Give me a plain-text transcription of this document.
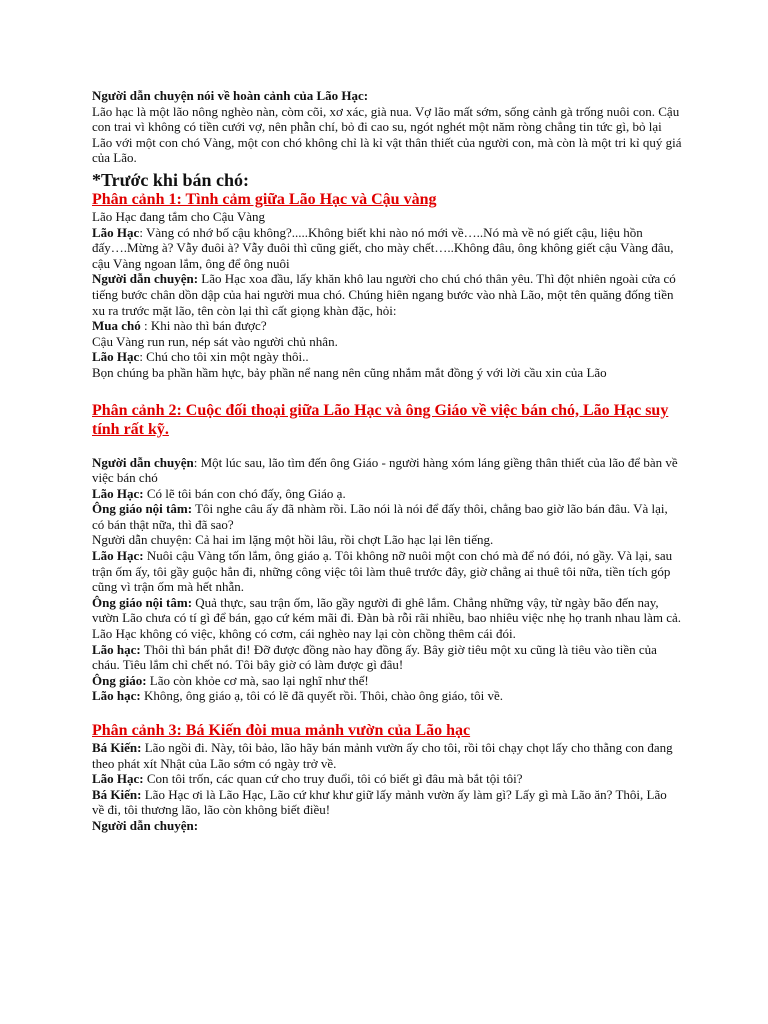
Người dẫn chuyện nói về hoàn cảnh của Lão Hạc:

Lão hạc là một lão nông nghèo nàn, còm cõi, xơ xác, già nua. Vợ lão mất sớm, sống cảnh gà trống nuôi con. Cậu con trai vì không có tiền cưới vợ, nên phẫn chí, bỏ đi cao su, ngót nghét một năm ròng chẳng tin tức gì, bỏ lại Lão với một con chó Vàng, một con chó không chỉ là kỉ vật thân thiết của người con, mà còn là một tri kỉ quý giá của Lão.

*Trước khi bán chó:

Phân cảnh 1: Tình cảm giữa Lão Hạc và Cậu vàng

Lão Hạc đang tắm cho Cậu Vàng

Lão Hạc: Vàng có nhớ bố cậu không?.....Không biết khi nào nó mới về…..Nó mà về nó giết cậu, liệu hồn đấy….Mừng à? Vẫy đuôi à? Vẫy đuôi thì cũng giết, cho mày chết…..Không đâu, ông không giết cậu Vàng đâu, cậu Vàng ngoan lắm, ông để ông nuôi

Người dẫn chuyện: Lão Hạc xoa đầu, lấy khăn khô lau người cho chú chó thân yêu. Thì đột nhiên ngoài cửa có tiếng bước chân dồn dập của hai người mua chó. Chúng hiên ngang bước vào nhà Lão, một tên quăng đống tiền xu ra trước mặt lão, tên còn lại thì cất giọng khàn đặc, hỏi:

Mua chó : Khi nào thì bán được?

Cậu Vàng run run, nép sát vào người chủ nhân.

Lão Hạc: Chú cho tôi xin một ngày thôi..

Bọn chúng ba phần hầm hực, bảy phần nể nang nên cũng nhắm mắt đồng ý với lời cầu xin của Lão

Phân cảnh 2: Cuộc đối thoại giữa Lão Hạc và ông Giáo về việc bán chó, Lão Hạc suy tính rất kỹ.

Người dẫn chuyện: Một lúc sau, lão tìm đến ông Giáo - người hàng xóm láng giềng thân thiết của lão để bàn về việc bán chó

Lão Hạc: Có lẽ tôi bán con chó đấy, ông Giáo ạ.

Ông giáo nội tâm: Tôi nghe câu ấy đã nhàm rồi. Lão nói là nói để đấy thôi, chẳng bao giờ lão bán đâu. Và lại, có bán thật nữa, thì đã sao?

Người dẫn chuyện: Cả hai im lặng một hồi lâu, rồi chợt Lão hạc lại lên tiếng.

Lão Hạc: Nuôi cậu Vàng tốn lắm, ông giáo ạ. Tôi không nỡ nuôi một con chó mà để nó đói, nó gầy. Và lại, sau trận ốm ấy, tôi gầy guộc hẳn đi, những công việc tôi làm thuê trước đây, giờ chẳng ai thuê tôi nữa, tiền tích góp cũng vì trận ốm mà hết nhẵn.

Ông giáo nội tâm: Quả thực, sau trận ốm, lão gầy người đi ghê lắm. Chẳng những vậy, từ ngày bão đến nay, vườn Lão chưa có tí gì để bán, gạo cứ kém mãi đi. Đàn bà rỗi rãi nhiều, bao nhiêu việc nhẹ họ tranh nhau làm cả. Lão Hạc không có việc, không có cơm, cái nghèo nay lại còn chồng thêm cái đói.

Lão hạc: Thôi thì bán phắt đi! Đỡ được đồng nào hay đồng ấy. Bây giờ tiêu một xu cũng là tiêu vào tiền của cháu. Tiêu lắm chỉ chết nó. Tôi bây giờ có làm được gì đâu!

Ông giáo: Lão còn khỏe cơ mà, sao lại nghĩ như thế!

Lão hạc: Không, ông giáo ạ, tôi có lẽ đã quyết rồi. Thôi, chào ông giáo, tôi về.

Phân cảnh 3: Bá Kiến đòi mua mảnh vườn của Lão hạc

Bá Kiến: Lão ngồi đi. Này, tôi bảo, lão hãy bán mảnh vườn ấy cho tôi, rồi tôi chạy chọt lấy cho thằng con đang theo phát xít Nhật của Lão sớm có ngày trở về.

Lão Hạc: Con tôi trốn, các quan cứ cho truy đuổi, tôi có biết gì đâu mà bắt tội tôi?

Bá Kiến: Lão Hạc ơi là Lão Hạc, Lão cứ khư khư giữ lấy mảnh vườn ấy làm gì? Lấy gì mà Lão ăn? Thôi, Lão về đi, tôi thương lão, lão còn không biết điều!

Người dẫn chuyện:
